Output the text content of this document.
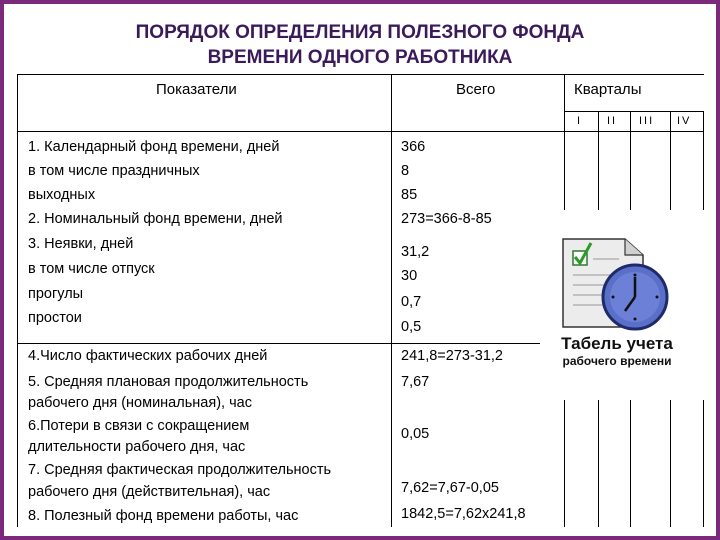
ПОРЯДОК ОПРЕДЕЛЕНИЯ ПОЛЕЗНОГО ФОНДА
ВРЕМЕНИ ОДНОГО РАБОТНИКА
Показатели	Всего	Кварталы
I II III IV
1. Календарный фонд времени, дней
в том числе праздничных
выходных
2. Номинальный фонд времени, дней
3. Неявки, дней
в том числе отпуск
прогулы
простои
4.Число фактических рабочих дней
5. Средняя плановая продолжительность
рабочего дня (номинальная), час
6.Потери в связи с сокращением
длительности рабочего дня, час
7. Средняя фактическая продолжительность
рабочего дня (действительная), час
8. Полезный фонд времени работы, час
366
8
85
273=366-8-85
31,2
30
0,7
0,5
241,8=273-31,2
7,67
0,05
7,62=7,67-0,05
1842,5=7,62x241,8
Табель учета
рабочего времени
